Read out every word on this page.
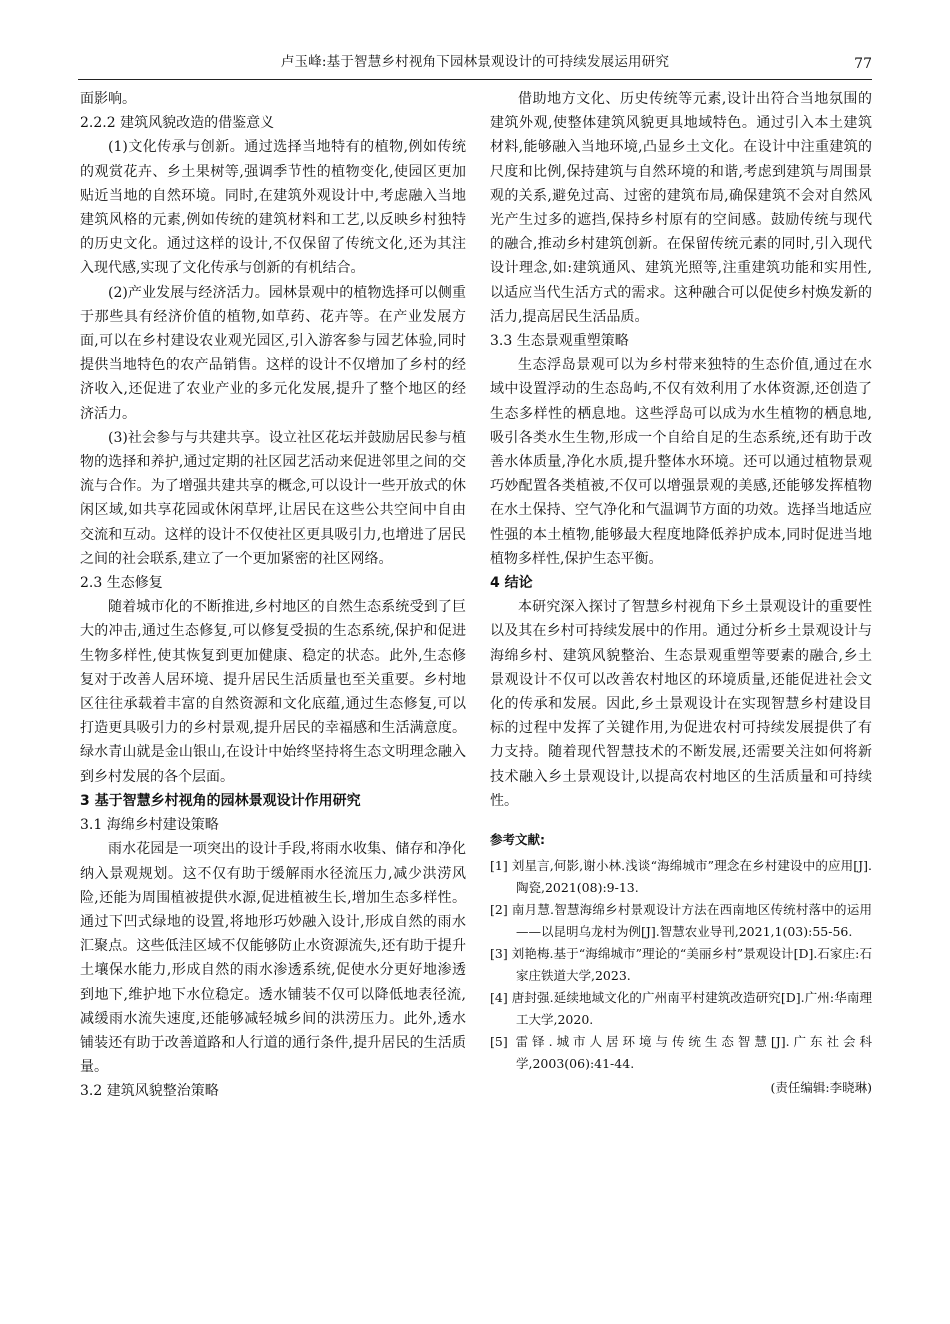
卢玉峰:基于智慧乡村视角下园林景观设计的可持续发展运用研究	77

面影响。

2.2.2 建筑风貌改造的借鉴意义

(1)文化传承与创新。通过选择当地特有的植物,例如传统的观赏花卉、乡土果树等,强调季节性的植物变化,使园区更加贴近当地的自然环境。同时,在建筑外观设计中,考虑融入当地建筑风格的元素,例如传统的建筑材料和工艺,以反映乡村独特的历史文化。通过这样的设计,不仅保留了传统文化,还为其注入现代感,实现了文化传承与创新的有机结合。

(2)产业发展与经济活力。园林景观中的植物选择可以侧重于那些具有经济价值的植物,如草药、花卉等。在产业发展方面,可以在乡村建设农业观光园区,引入游客参与园艺体验,同时提供当地特色的农产品销售。这样的设计不仅增加了乡村的经济收入,还促进了农业产业的多元化发展,提升了整个地区的经济活力。

(3)社会参与与共建共享。设立社区花坛并鼓励居民参与植物的选择和养护,通过定期的社区园艺活动来促进邻里之间的交流与合作。为了增强共建共享的概念,可以设计一些开放式的休闲区域,如共享花园或休闲草坪,让居民在这些公共空间中自由交流和互动。这样的设计不仅使社区更具吸引力,也增进了居民之间的社会联系,建立了一个更加紧密的社区网络。

2.3 生态修复

随着城市化的不断推进,乡村地区的自然生态系统受到了巨大的冲击,通过生态修复,可以修复受损的生态系统,保护和促进生物多样性,使其恢复到更加健康、稳定的状态。此外,生态修复对于改善人居环境、提升居民生活质量也至关重要。乡村地区往往承载着丰富的自然资源和文化底蕴,通过生态修复,可以打造更具吸引力的乡村景观,提升居民的幸福感和生活满意度。绿水青山就是金山银山,在设计中始终坚持将生态文明理念融入到乡村发展的各个层面。

3 基于智慧乡村视角的园林景观设计作用研究

3.1 海绵乡村建设策略

雨水花园是一项突出的设计手段,将雨水收集、储存和净化纳入景观规划。这不仅有助于缓解雨水径流压力,减少洪涝风险,还能为周围植被提供水源,促进植被生长,增加生态多样性。通过下凹式绿地的设置,将地形巧妙融入设计,形成自然的雨水汇聚点。这些低洼区域不仅能够防止水资源流失,还有助于提升土壤保水能力,形成自然的雨水渗透系统,促使水分更好地渗透到地下,维护地下水位稳定。透水铺装不仅可以降低地表径流,减缓雨水流失速度,还能够减轻城乡间的洪涝压力。此外,透水铺装还有助于改善道路和人行道的通行条件,提升居民的生活质量。

3.2 建筑风貌整治策略

借助地方文化、历史传统等元素,设计出符合当地氛围的建筑外观,使整体建筑风貌更具地域特色。通过引入本土建筑材料,能够融入当地环境,凸显乡土文化。在设计中注重建筑的尺度和比例,保持建筑与自然环境的和谐,考虑到建筑与周围景观的关系,避免过高、过密的建筑布局,确保建筑不会对自然风光产生过多的遮挡,保持乡村原有的空间感。鼓励传统与现代的融合,推动乡村建筑创新。在保留传统元素的同时,引入现代设计理念,如:建筑通风、建筑光照等,注重建筑功能和实用性,以适应当代生活方式的需求。这种融合可以促使乡村焕发新的活力,提高居民生活品质。

3.3 生态景观重塑策略

生态浮岛景观可以为乡村带来独特的生态价值,通过在水域中设置浮动的生态岛屿,不仅有效利用了水体资源,还创造了生态多样性的栖息地。这些浮岛可以成为水生植物的栖息地,吸引各类水生生物,形成一个自给自足的生态系统,还有助于改善水体质量,净化水质,提升整体水环境。还可以通过植物景观巧妙配置各类植被,不仅可以增强景观的美感,还能够发挥植物在水土保持、空气净化和气温调节方面的功效。选择当地适应性强的本土植物,能够最大程度地降低养护成本,同时促进当地植物多样性,保护生态平衡。

4 结论

本研究深入探讨了智慧乡村视角下乡土景观设计的重要性以及其在乡村可持续发展中的作用。通过分析乡土景观设计与海绵乡村、建筑风貌整治、生态景观重塑等要素的融合,乡土景观设计不仅可以改善农村地区的环境质量,还能促进社会文化的传承和发展。因此,乡土景观设计在实现智慧乡村建设目标的过程中发挥了关键作用,为促进农村可持续发展提供了有力支持。随着现代智慧技术的不断发展,还需要关注如何将新技术融入乡土景观设计,以提高农村地区的生活质量和可持续性。

参考文献:
[1] 刘星言,何影,谢小林.浅谈“海绵城市”理念在乡村建设中的应用[J].陶瓷,2021(08):9-13.
[2] 南月慧.智慧海绵乡村景观设计方法在西南地区传统村落中的运用——以昆明乌龙村为例[J].智慧农业导刊,2021,1(03):55-56.
[3] 刘艳梅.基于“海绵城市”理论的“美丽乡村”景观设计[D].石家庄:石家庄铁道大学,2023.
[4] 唐封强.延续地域文化的广州南平村建筑改造研究[D].广州:华南理工大学,2020.
[5] 雷铎.城市人居环境与传统生态智慧[J].广东社会科学,2003(06):41-44.
(责任编辑:李晓琳)
